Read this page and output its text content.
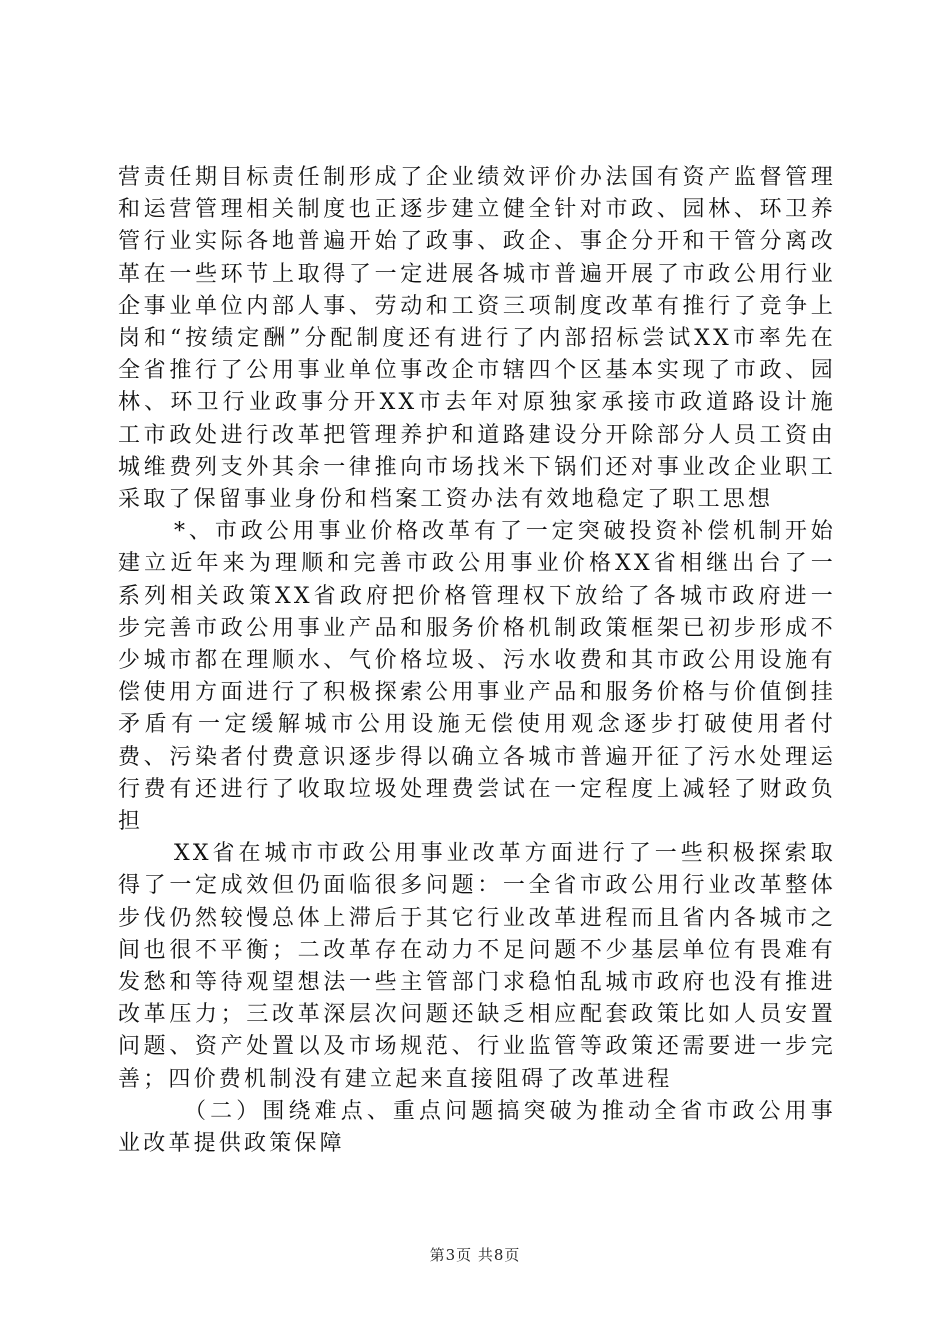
营责任期目标责任制形成了企业绩效评价办法国有资产监督管理和运营管理相关制度也正逐步建立健全针对市政、园林、环卫养管行业实际各地普遍开始了政事、政企、事企分开和干管分离改革在一些环节上取得了一定进展各城市普遍开展了市政公用行业企事业单位内部人事、劳动和工资三项制度改革有推行了竞争上岗和“按绩定酬”分配制度还有进行了内部招标尝试XX市率先在全省推行了公用事业单位事改企市辖四个区基本实现了市政、园林、环卫行业政事分开XX市去年对原独家承接市政道路设计施工市政处进行改革把管理养护和道路建设分开除部分人员工资由城维费列支外其余一律推向市场找米下锅们还对事业改企业职工采取了保留事业身份和档案工资办法有效地稳定了职工思想

*、市政公用事业价格改革有了一定突破投资补偿机制开始建立近年来为理顺和完善市政公用事业价格XX省相继出台了一系列相关政策XX省政府把价格管理权下放给了各城市政府进一步完善市政公用事业产品和服务价格机制政策框架已初步形成不少城市都在理顺水、气价格垃圾、污水收费和其市政公用设施有偿使用方面进行了积极探索公用事业产品和服务价格与价值倒挂矛盾有一定缓解城市公用设施无偿使用观念逐步打破使用者付费、污染者付费意识逐步得以确立各城市普遍开征了污水处理运行费有还进行了收取垃圾处理费尝试在一定程度上减轻了财政负担

XX省在城市市政公用事业改革方面进行了一些积极探索取得了一定成效但仍面临很多问题：一全省市政公用行业改革整体步伐仍然较慢总体上滞后于其它行业改革进程而且省内各城市之间也很不平衡；二改革存在动力不足问题不少基层单位有畏难有发愁和等待观望想法一些主管部门求稳怕乱城市政府也没有推进改革压力；三改革深层次问题还缺乏相应配套政策比如人员安置问题、资产处置以及市场规范、行业监管等政策还需要进一步完善；四价费机制没有建立起来直接阻碍了改革进程

（二）围绕难点、重点问题搞突破为推动全省市政公用事业改革提供政策保障

第3页 共8页
